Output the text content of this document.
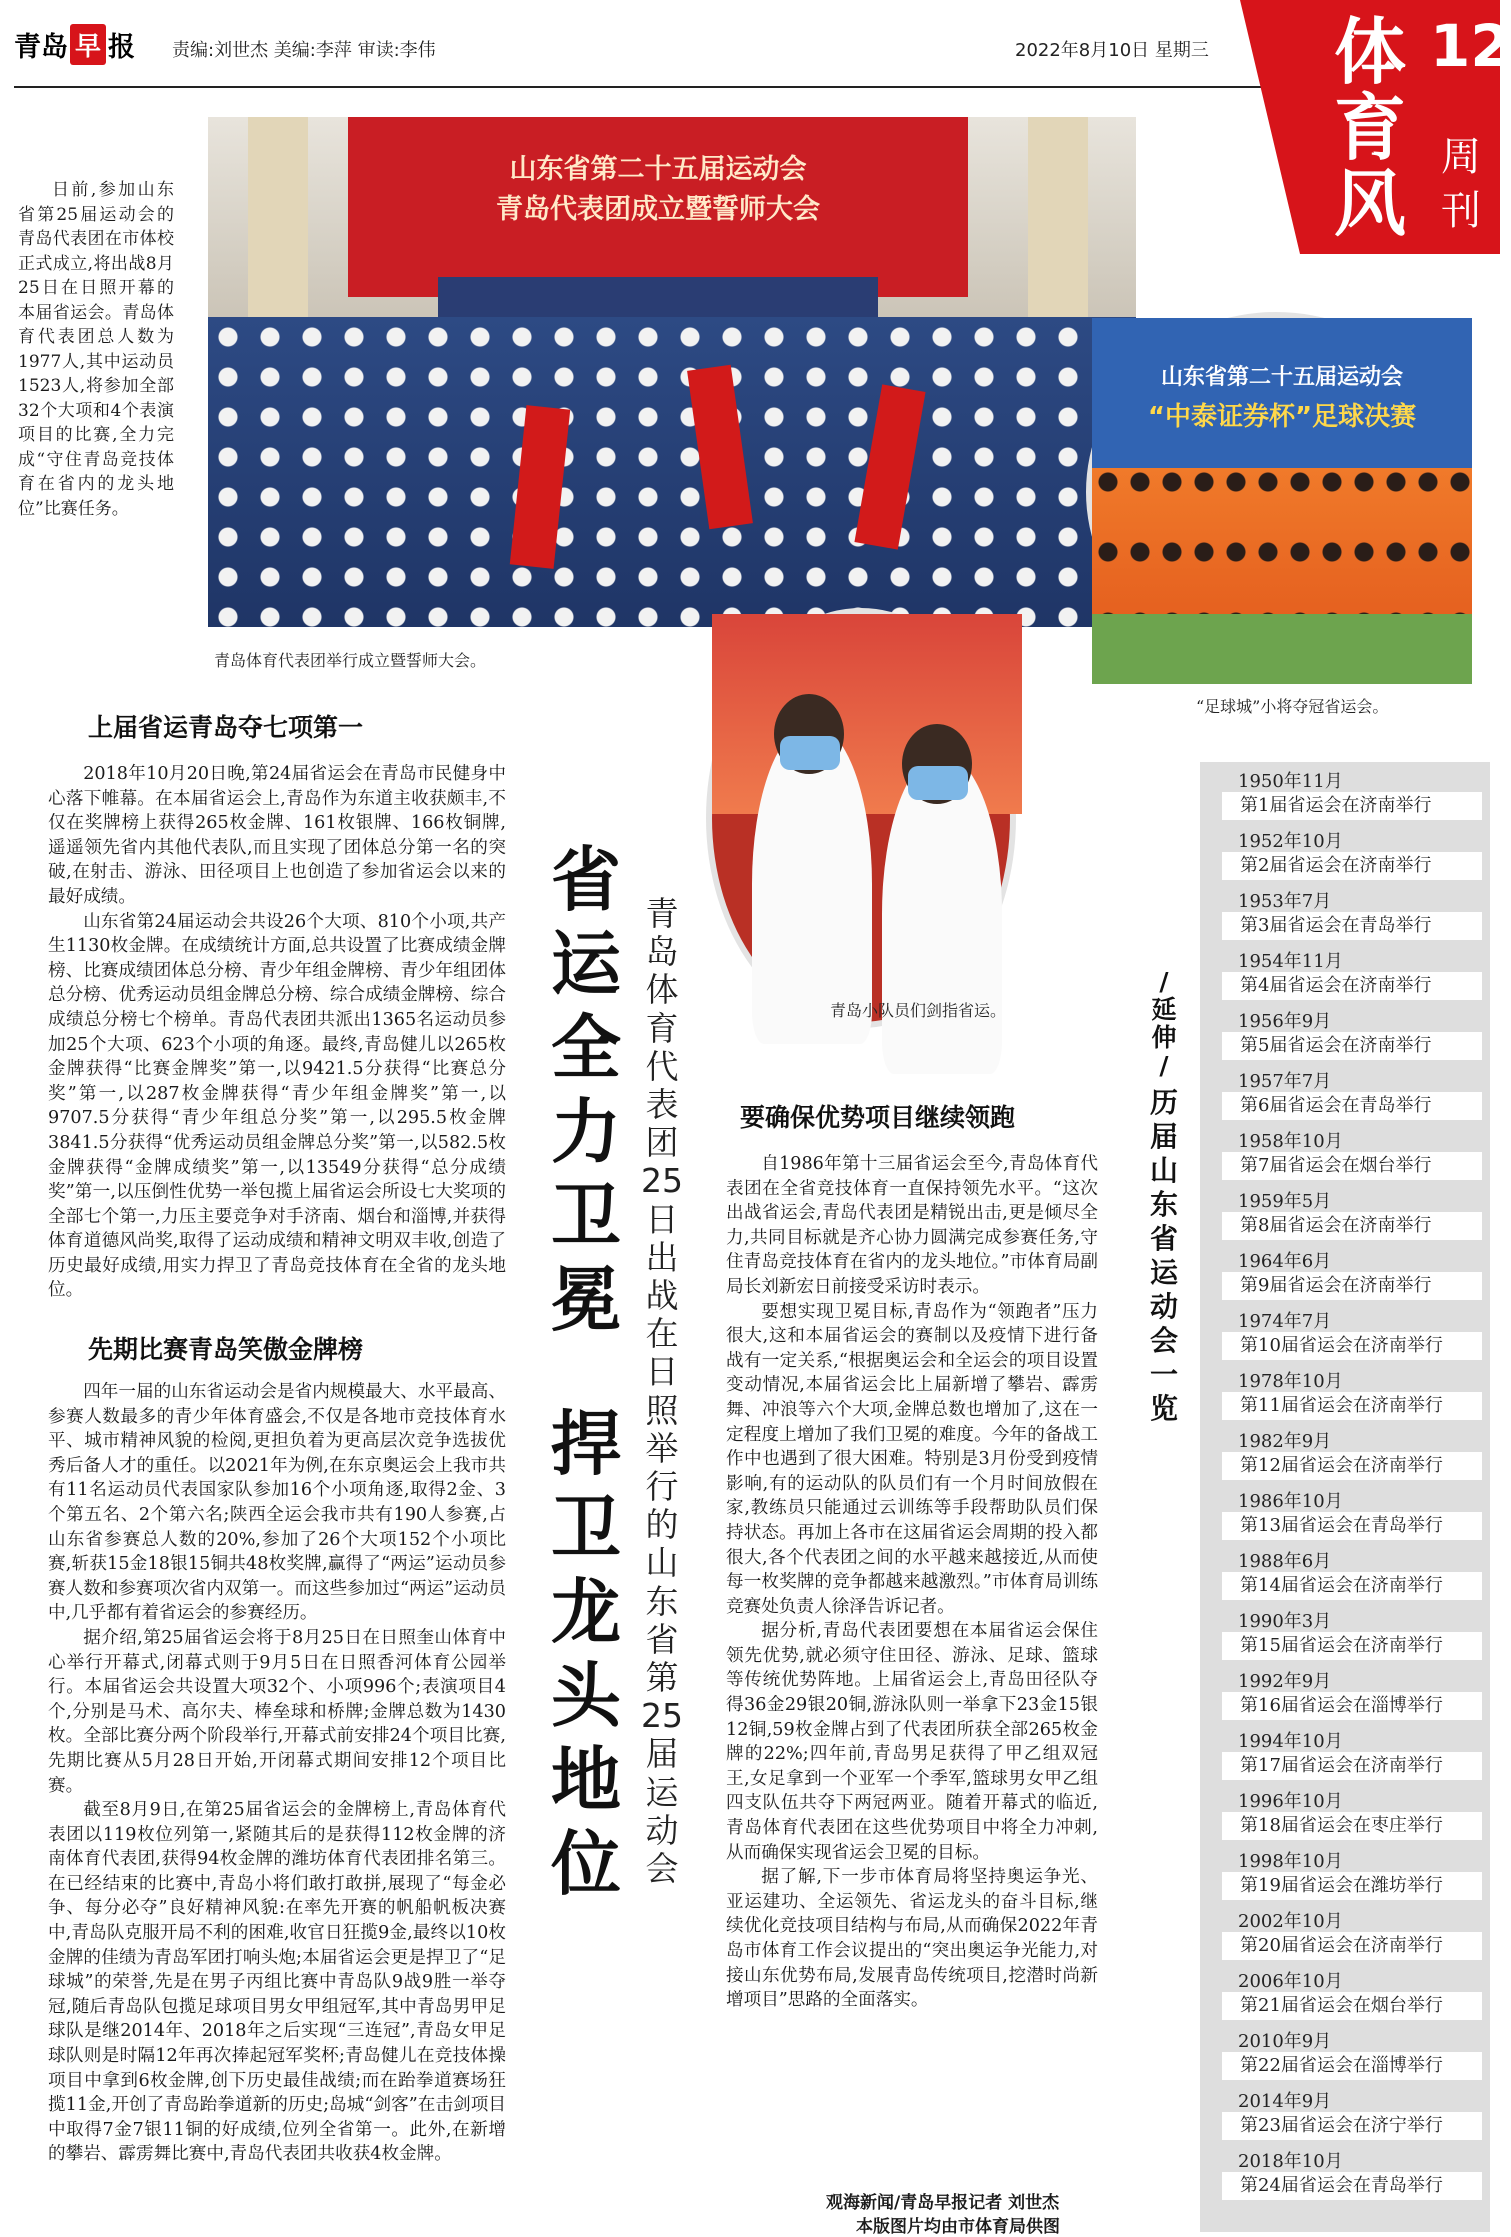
青岛 早 报 责编:刘世杰 美编:李萍 审读:李伟	2022年8月10日 星期三 体育风
12
周刊
日前,参加山东省第25届运动会的青岛代表团在市体校正式成立,将出战8月25日在日照开幕的本届省运会。青岛体育代表团总人数为1977人,其中运动员1523人,将参加全部32个大项和4个表演项目的比赛,全力完成“守住青岛竞技体育在省内的龙头地位”比赛任务。
山东省第二十五届运动会
青岛代表团成立暨誓师大会
青岛体育代表团举行成立暨誓师大会。
山东省第二十五届运动会
“中泰证券杯”足球决赛
“足球城”小将夺冠省运会。
青岛小队员们剑指省运。
省运全力卫冕
捍卫龙头地位
青岛体育代表团25日出战在日照举行的山东省第25届运动会
上届省运青岛夺七项第一

2018年10月20日晚,第24届省运会在青岛市民健身中心落下帷幕。在本届省运会上,青岛作为东道主收获颇丰,不仅在奖牌榜上获得265枚金牌、161枚银牌、166枚铜牌,遥遥领先省内其他代表队,而且实现了团体总分第一名的突破,在射击、游泳、田径项目上也创造了参加省运会以来的最好成绩。

山东省第24届运动会共设26个大项、810个小项,共产生1130枚金牌。在成绩统计方面,总共设置了比赛成绩金牌榜、比赛成绩团体总分榜、青少年组金牌榜、青少年组团体总分榜、优秀运动员组金牌总分榜、综合成绩金牌榜、综合成绩总分榜七个榜单。青岛代表团共派出1365名运动员参加25个大项、623个小项的角逐。最终,青岛健儿以265枚金牌获得“比赛金牌奖”第一,以9421.5分获得“比赛总分奖”第一,以287枚金牌获得“青少年组金牌奖”第一,以9707.5分获得“青少年组总分奖”第一,以295.5枚金牌3841.5分获得“优秀运动员组金牌总分奖”第一,以582.5枚金牌获得“金牌成绩奖”第一,以13549分获得“总分成绩奖”第一,以压倒性优势一举包揽上届省运会所设七大奖项的全部七个第一,力压主要竞争对手济南、烟台和淄博,并获得体育道德风尚奖,取得了运动成绩和精神文明双丰收,创造了历史最好成绩,用实力捍卫了青岛竞技体育在全省的龙头地位。

先期比赛青岛笑傲金牌榜

四年一届的山东省运动会是省内规模最大、水平最高、参赛人数最多的青少年体育盛会,不仅是各地市竞技体育水平、城市精神风貌的检阅,更担负着为更高层次竞争选拔优秀后备人才的重任。以2021年为例,在东京奥运会上我市共有11名运动员代表国家队参加16个小项角逐,取得2金、3个第五名、2个第六名;陕西全运会我市共有190人参赛,占山东省参赛总人数的20%,参加了26个大项152个小项比赛,斩获15金18银15铜共48枚奖牌,赢得了“两运”运动员参赛人数和参赛项次省内双第一。而这些参加过“两运”运动员中,几乎都有着省运会的参赛经历。

据介绍,第25届省运会将于8月25日在日照奎山体育中心举行开幕式,闭幕式则于9月5日在日照香河体育公园举行。本届省运会共设置大项32个、小项996个;表演项目4个,分别是马术、高尔夫、棒垒球和桥牌;金牌总数为1430枚。全部比赛分两个阶段举行,开幕式前安排24个项目比赛,先期比赛从5月28日开始,开闭幕式期间安排12个项目比赛。

截至8月9日,在第25届省运会的金牌榜上,青岛体育代表团以119枚位列第一,紧随其后的是获得112枚金牌的济南体育代表团,获得94枚金牌的潍坊体育代表团排名第三。在已经结束的比赛中,青岛小将们敢打敢拼,展现了“每金必争、每分必夺”良好精神风貌:在率先开赛的帆船帆板决赛中,青岛队克服开局不利的困难,收官日狂揽9金,最终以10枚金牌的佳绩为青岛军团打响头炮;本届省运会更是捍卫了“足球城”的荣誉,先是在男子丙组比赛中青岛队9战9胜一举夺冠,随后青岛队包揽足球项目男女甲组冠军,其中青岛男甲足球队是继2014年、2018年之后实现“三连冠”,青岛女甲足球队则是时隔12年再次捧起冠军奖杯;青岛健儿在竞技体操项目中拿到6枚金牌,创下历史最佳战绩;而在跆拳道赛场狂揽11金,开创了青岛跆拳道新的历史;岛城“剑客”在击剑项目中取得7金7银11铜的好成绩,位列全省第一。此外,在新增的攀岩、霹雳舞比赛中,青岛代表团共收获4枚金牌。

要确保优势项目继续领跑

自1986年第十三届省运会至今,青岛体育代表团在全省竞技体育一直保持领先水平。“这次出战省运会,青岛代表团是精锐出击,更是倾尽全力,共同目标就是齐心协力圆满完成参赛任务,守住青岛竞技体育在省内的龙头地位。”市体育局副局长刘新宏日前接受采访时表示。

要想实现卫冕目标,青岛作为“领跑者”压力很大,这和本届省运会的赛制以及疫情下进行备战有一定关系,“根据奥运会和全运会的项目设置变动情况,本届省运会比上届新增了攀岩、霹雳舞、冲浪等六个大项,金牌总数也增加了,这在一定程度上增加了我们卫冕的难度。今年的备战工作中也遇到了很大困难。特别是3月份受到疫情影响,有的运动队的队员们有一个月时间放假在家,教练员只能通过云训练等手段帮助队员们保持状态。再加上各市在这届省运会周期的投入都很大,各个代表团之间的水平越来越接近,从而使每一枚奖牌的竞争都越来越激烈。”市体育局训练竞赛处负责人徐泽告诉记者。

据分析,青岛代表团要想在本届省运会保住领先优势,就必须守住田径、游泳、足球、篮球等传统优势阵地。上届省运会上,青岛田径队夺得36金29银20铜,游泳队则一举拿下23金15银12铜,59枚金牌占到了代表团所获全部265枚金牌的22%;四年前,青岛男足获得了甲乙组双冠王,女足拿到一个亚军一个季军,篮球男女甲乙组四支队伍共夺下两冠两亚。随着开幕式的临近,青岛体育代表团在这些优势项目中将全力冲刺,从而确保实现省运会卫冕的目标。

据了解,下一步市体育局将坚持奥运争光、亚运建功、全运领先、省运龙头的奋斗目标,继续优化竞技项目结构与布局,从而确保2022年青岛市体育工作会议提出的“突出奥运争光能力,对接山东优势布局,发展青岛传统项目,挖潜时尚新增项目”思路的全面落实。

观海新闻/青岛早报记者 刘世杰
本版图片均由市体育局供图
/
延伸
/
历届山东省运动会一览
1950年11月
第1届省运会在济南举行
1952年10月
第2届省运会在济南举行
1953年7月
第3届省运会在青岛举行
1954年11月
第4届省运会在济南举行
1956年9月
第5届省运会在济南举行
1957年7月
第6届省运会在青岛举行
1958年10月
第7届省运会在烟台举行
1959年5月
第8届省运会在济南举行
1964年6月
第9届省运会在济南举行
1974年7月
第10届省运会在济南举行
1978年10月
第11届省运会在济南举行
1982年9月
第12届省运会在济南举行
1986年10月
第13届省运会在青岛举行
1988年6月
第14届省运会在济南举行
1990年3月
第15届省运会在济南举行
1992年9月
第16届省运会在淄博举行
1994年10月
第17届省运会在济南举行
1996年10月
第18届省运会在枣庄举行
1998年10月
第19届省运会在潍坊举行
2002年10月
第20届省运会在济南举行
2006年10月
第21届省运会在烟台举行
2010年9月
第22届省运会在淄博举行
2014年9月
第23届省运会在济宁举行
2018年10月
第24届省运会在青岛举行
